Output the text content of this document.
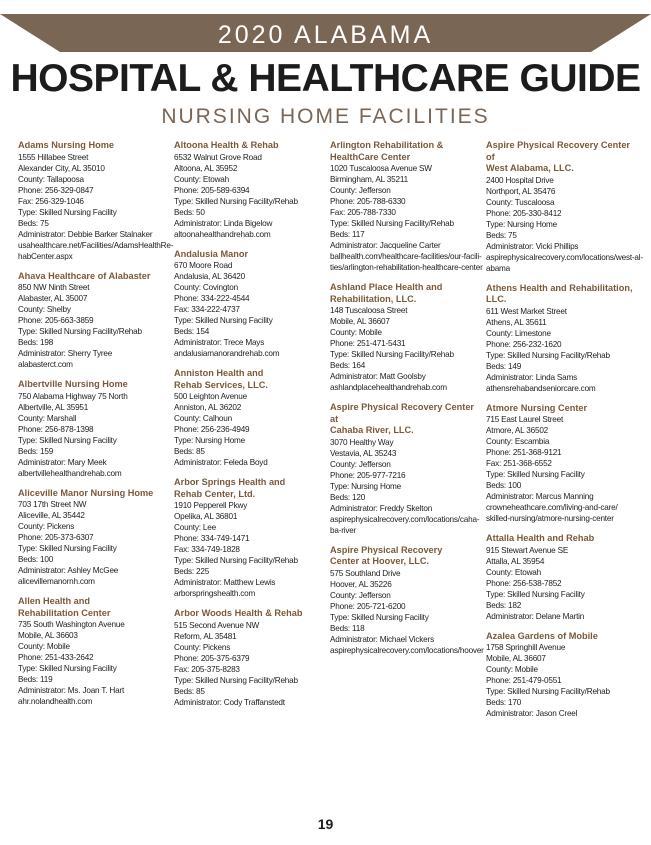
2020 ALABAMA
HOSPITAL & HEALTHCARE GUIDE
NURSING HOME FACILITIES
Adams Nursing Home
1555 Hillabee Street
Alexander City, AL 35010
County: Tallapoosa
Phone: 256-329-0847
Fax: 256-329-1046
Type: Skilled Nursing Facility
Beds: 75
Administrator: Debbie Barker Stalnaker
usahealthcare.net/Facilities/AdamsHealthRe-
habCenter.aspx
Ahava Healthcare of Alabaster
850 NW Ninth Street
Alabaster, AL 35007
County: Shelby
Phone: 205-663-3859
Type: Skilled Nursing Facility/Rehab
Beds: 198
Administrator: Sherry Tyree
alabasterct.com
Albertville Nursing Home
750 Alabama Highway 75 North
Albertville, AL 35951
County: Marshall
Phone: 256-878-1398
Type: Skilled Nursing Facility
Beds: 159
Administrator: Mary Meek
albertvillehealthandrehab.com
Aliceville Manor Nursing Home
703 17th Street NW
Aliceville, AL 35442
County: Pickens
Phone: 205-373-6307
Type: Skilled Nursing Facility
Beds: 100
Administrator: Ashley McGee
alicevillemanornh.com
Allen Health and
Rehabilitation Center
735 South Washington Avenue
Mobile, AL 36603
County: Mobile
Phone: 251-433-2642
Type: Skilled Nursing Facility
Beds: 119
Administrator: Ms. Joan T. Hart
ahr.nolandhealth.com
Altoona Health & Rehab
6532 Walnut Grove Road
Altoona, AL 35952
County: Etowah
Phone: 205-589-6394
Type: Skilled Nursing Facility/Rehab
Beds: 50
Administrator: Linda Bigelow
altoonahealthandrehab.com
Andalusia Manor
670 Moore Road
Andalusia, AL 36420
County: Covington
Phone: 334-222-4544
Fax: 334-222-4737
Type: Skilled Nursing Facility
Beds: 154
Administrator: Trece Mays
andalusiamanorandrehab.com
Anniston Health and
Rehab Services, LLC.
500 Leighton Avenue
Anniston, AL 36202
County: Calhoun
Phone: 256-236-4949
Type: Nursing Home
Beds: 85
Administrator: Feleda Boyd
Arbor Springs Health and
Rehab Center, Ltd.
1910 Pepperell Pkwy
Opelika, AL 36801
County: Lee
Phone: 334-749-1471
Fax: 334-749-1828
Type: Skilled Nursing Facility/Rehab
Beds: 225
Administrator: Matthew Lewis
arborspringshealth.com
Arbor Woods Health & Rehab
515 Second Avenue NW
Reform, AL 35481
County: Pickens
Phone: 205-375-6379
Fax: 205-375-8283
Type: Skilled Nursing Facility/Rehab
Beds: 85
Administrator: Cody Traffanstedt
Arlington Rehabilitation &
HealthCare Center
1020 Tuscaloosa Avenue SW
Birmingham, AL 35211
County: Jefferson
Phone: 205-788-6330
Fax: 205-788-7330
Type: Skilled Nursing Facility/Rehab
Beds: 117
Administrator: Jacqueline Carter
ballhealth.com/healthcare-facilities/our-facili-
ties/arlington-rehabilitation-healthcare-center
Ashland Place Health and
Rehabilitation, LLC.
148 Tuscaloosa Street
Mobile, AL 36607
County: Mobile
Phone: 251-471-5431
Type: Skilled Nursing Facility/Rehab
Beds: 164
Administrator: Matt Goolsby
ashlandplacehealthandrehab.com
Aspire Physical Recovery Center at
Cahaba River, LLC.
3070 Healthy Way
Vestavia, AL 35243
County: Jefferson
Phone: 205-977-7216
Type: Nursing Home
Beds: 120
Administrator: Freddy Skelton
aspirephysicalrecovery.com/locations/caha-
ba-river
Aspire Physical Recovery
Center at Hoover, LLC.
575 Southland Drive
Hoover, AL 35226
County: Jefferson
Phone: 205-721-6200
Type: Skilled Nursing Facility
Beds: 118
Administrator: Michael Vickers
aspirephysicalrecovery.com/locations/hoover
Aspire Physical Recovery Center of
West Alabama, LLC.
2400 Hospital Drive
Northport, AL 35476
County: Tuscaloosa
Phone: 205-330-8412
Type: Nursing Home
Beds: 75
Administrator: Vicki Phillips
aspirephysicalrecovery.com/locations/west-al-
abama
Athens Health and Rehabilitation,
LLC.
611 West Market Street
Athens, AL 35611
County: Limestone
Phone: 256-232-1620
Type: Skilled Nursing Facility/Rehab
Beds: 149
Administrator: Linda Sams
athensrehabandseniorcare.com
Atmore Nursing Center
715 East Laurel Street
Atmore, AL 36502
County: Escambia
Phone: 251-368-9121
Fax: 251-368-6552
Type: Skilled Nursing Facility
Beds: 100
Administrator: Marcus Manning
crowneheathcare.com/living-and-care/
skilled-nursing/atmore-nursing-center
Attalla Health and Rehab
915 Stewart Avenue SE
Attalla, AL 35954
County: Etowah
Phone: 256-538-7852
Type: Skilled Nursing Facility
Beds: 182
Administrator: Delane Martin
Azalea Gardens of Mobile
1758 Springhill Avenue
Mobile, AL 36607
County: Mobile
Phone: 251-479-0551
Type: Skilled Nursing Facility/Rehab
Beds: 170
Administrator: Jason Creel
19
